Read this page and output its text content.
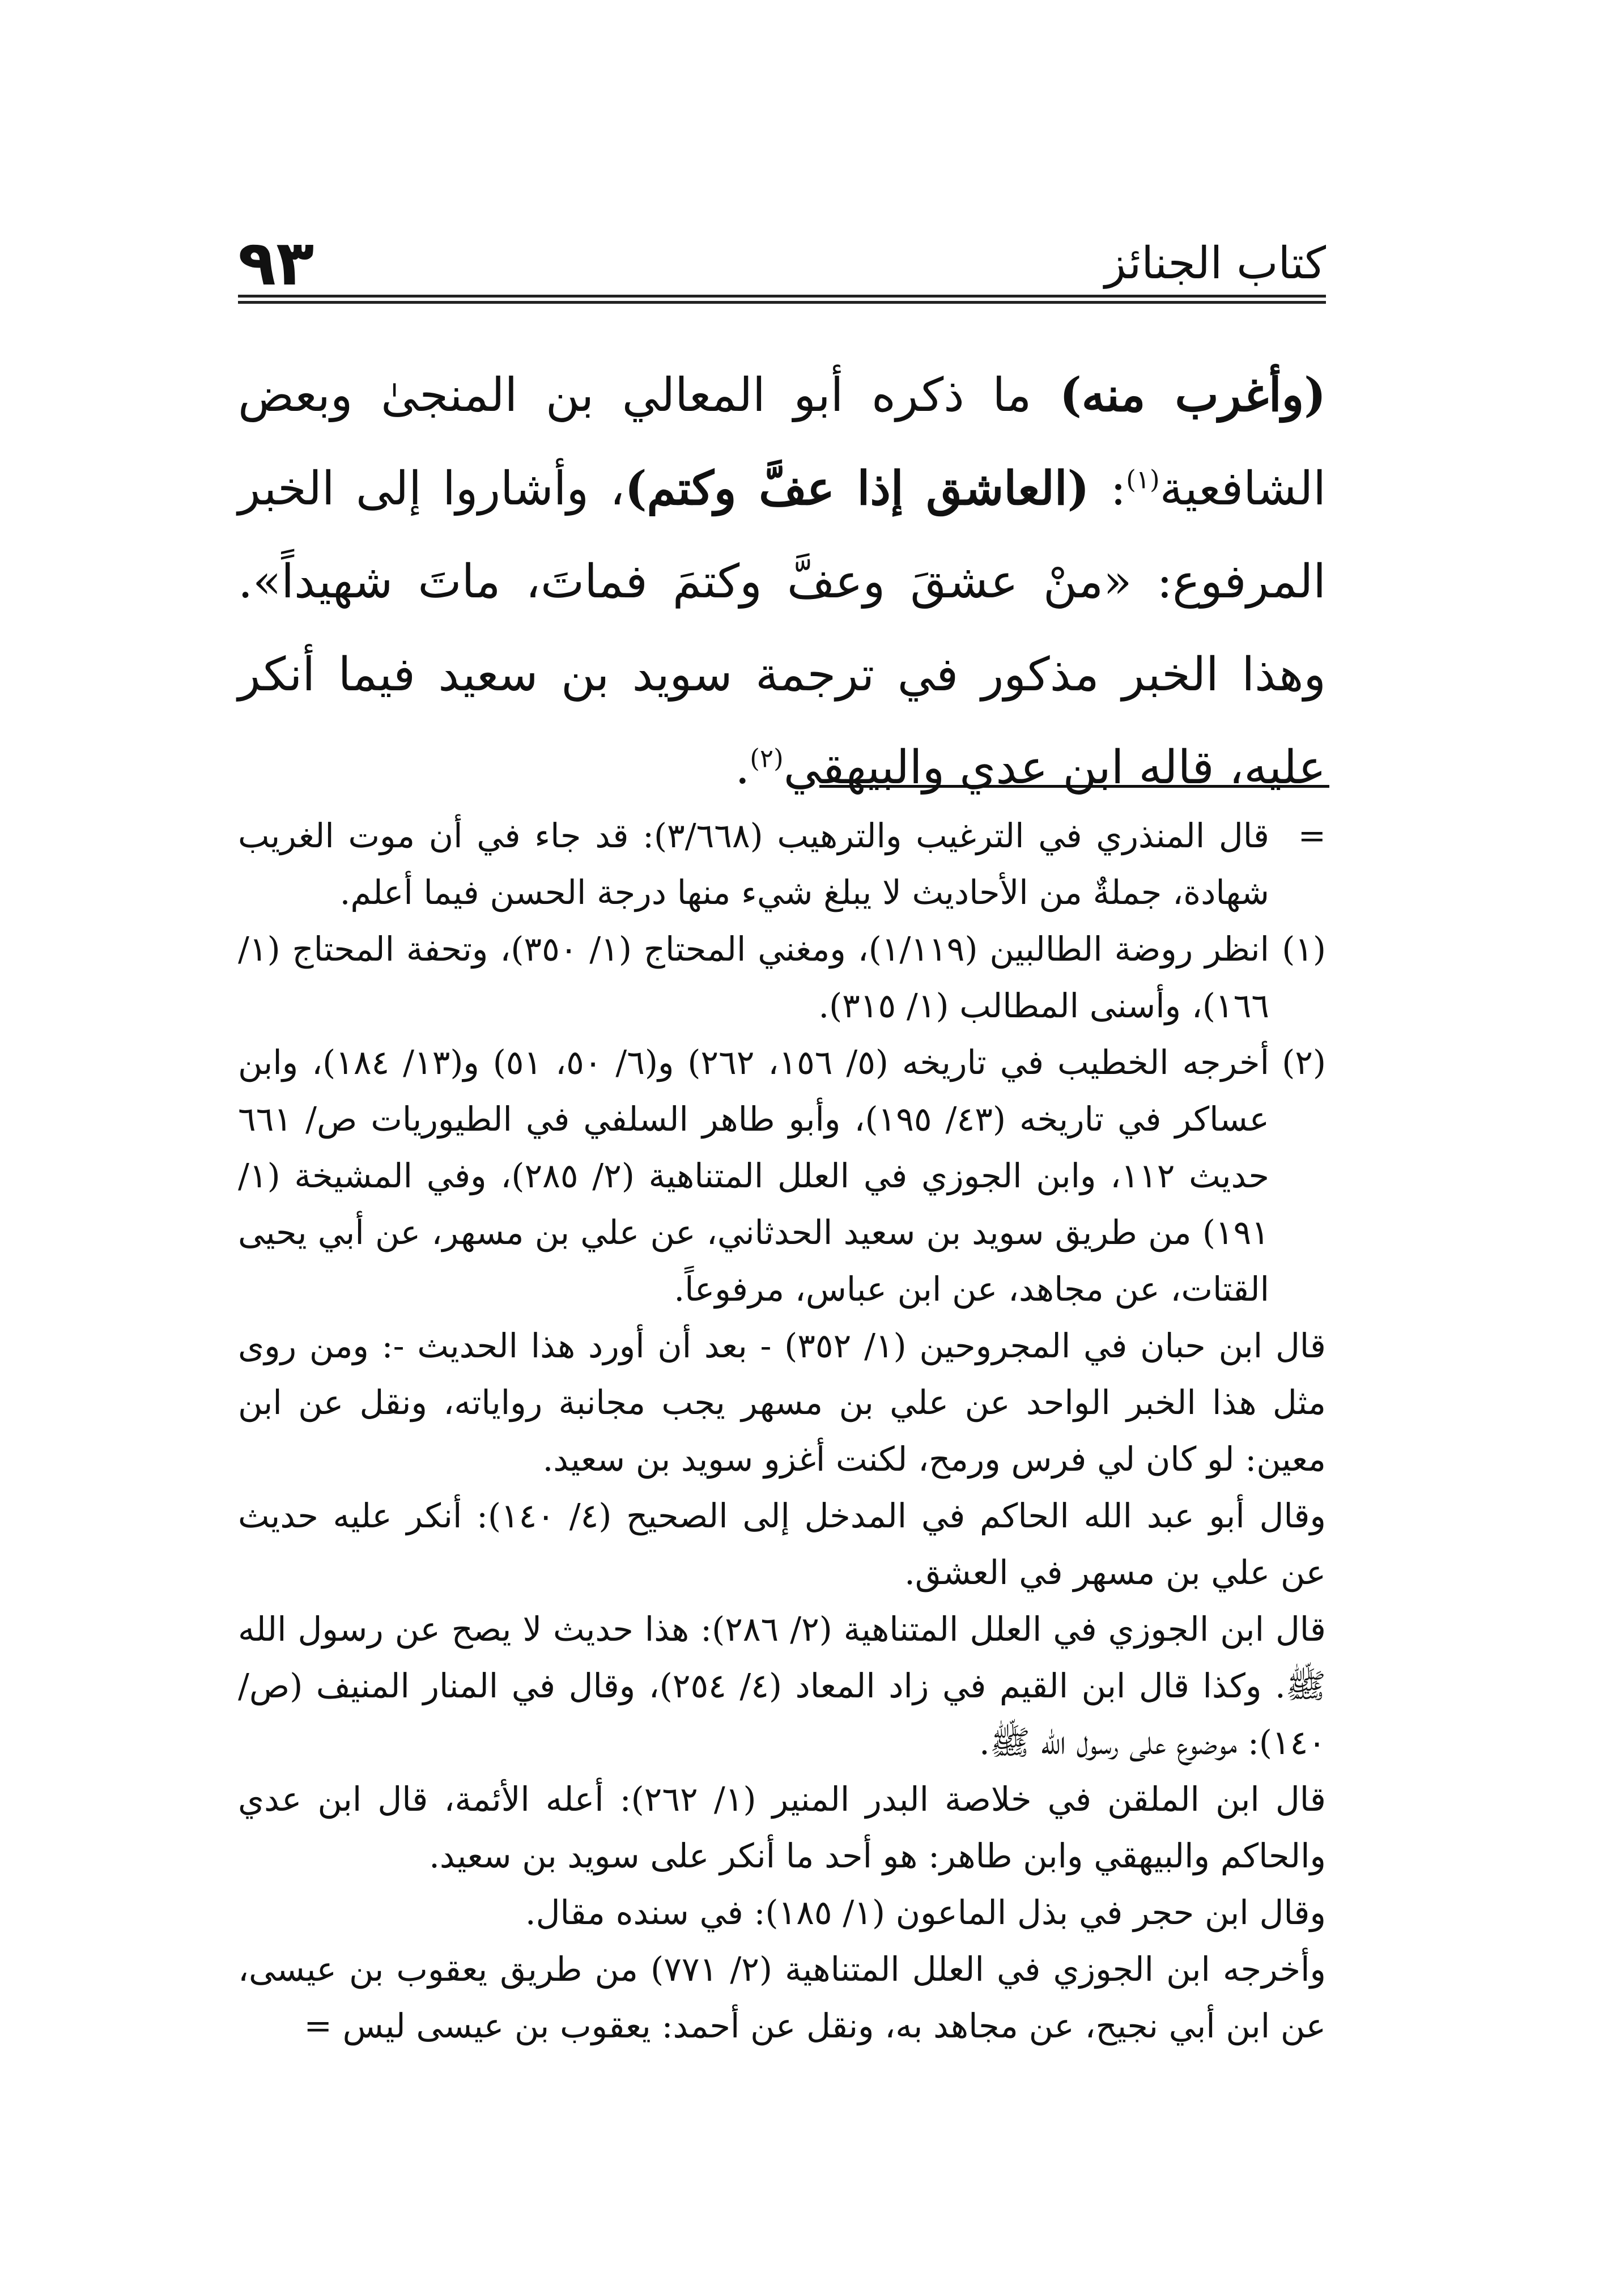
كتاب الجنائز
٩٣

(وأغرب منه) ما ذكره أبو المعالي بن المنجىٰ وبعض الشافعية$^{(١)}$: (العاشق إذا عفَّ وكتم)، وأشاروا إلى الخبر المرفوع: «منْ عشقَ وعفَّ وكتمَ فماتَ، ماتَ شهيداً». وهذا الخبر مذكور في ترجمة سويد بن سعيد فيما أنكر عليه، قاله ابن عدي والبيهقي$^{(٢)}$.

=

قال المنذري في الترغيب والترهيب (٣/٦٦٨): قد جاء في أن موت الغريب شهادة، جملةٌ من الأحاديث لا يبلغ شيء منها درجة الحسن فيما أعلم.

(١)

انظر روضة الطالبين (١/١١٩)، ومغني المحتاج (١/ ٣٥٠)، وتحفة المحتاج (١/ ١٦٦)، وأسنى المطالب (١/ ٣١٥).

(٢)

أخرجه الخطيب في تاريخه (٥/ ١٥٦، ٢٦٢) و(٦/ ٥٠، ٥١) و(١٣/ ١٨٤)، وابن عساكر في تاريخه (٤٣/ ١٩٥)، وأبو طاهر السلفي في الطيوريات ص/ ٦٦١ حديث ١١٢، وابن الجوزي في العلل المتناهية (٢/ ٢٨٥)، وفي المشيخة (١/ ١٩١) من طريق سويد بن سعيد الحدثاني، عن علي بن مسهر، عن أبي يحيى القتات، عن مجاهد، عن ابن عباس، مرفوعاً.

قال ابن حبان في المجروحين (١/ ٣٥٢) - بعد أن أورد هذا الحديث -: ومن روى مثل هذا الخبر الواحد عن علي بن مسهر يجب مجانبة رواياته، ونقل عن ابن معين: لو كان لي فرس ورمح، لكنت أغزو سويد بن سعيد.

وقال أبو عبد الله الحاكم في المدخل إلى الصحيح (٤/ ١٤٠): أنكر عليه حديث عن علي بن مسهر في العشق.

قال ابن الجوزي في العلل المتناهية (٢/ ٢٨٦): هذا حديث لا يصح عن رسول الله ﷺ. وكذا قال ابن القيم في زاد المعاد (٤/ ٢٥٤)، وقال في المنار المنيف (ص/ ١٤٠): موضوع على رسول الله ﷺ.

قال ابن الملقن في خلاصة البدر المنير (١/ ٢٦٢): أعله الأئمة، قال ابن عدي والحاكم والبيهقي وابن طاهر: هو أحد ما أنكر على سويد بن سعيد.

وقال ابن حجر في بذل الماعون (١/ ١٨٥): في سنده مقال.

وأخرجه ابن الجوزي في العلل المتناهية (٢/ ٧٧١) من طريق يعقوب بن عيسى، عن ابن أبي نجيح، عن مجاهد به، ونقل عن أحمد: يعقوب بن عيسى ليس =
